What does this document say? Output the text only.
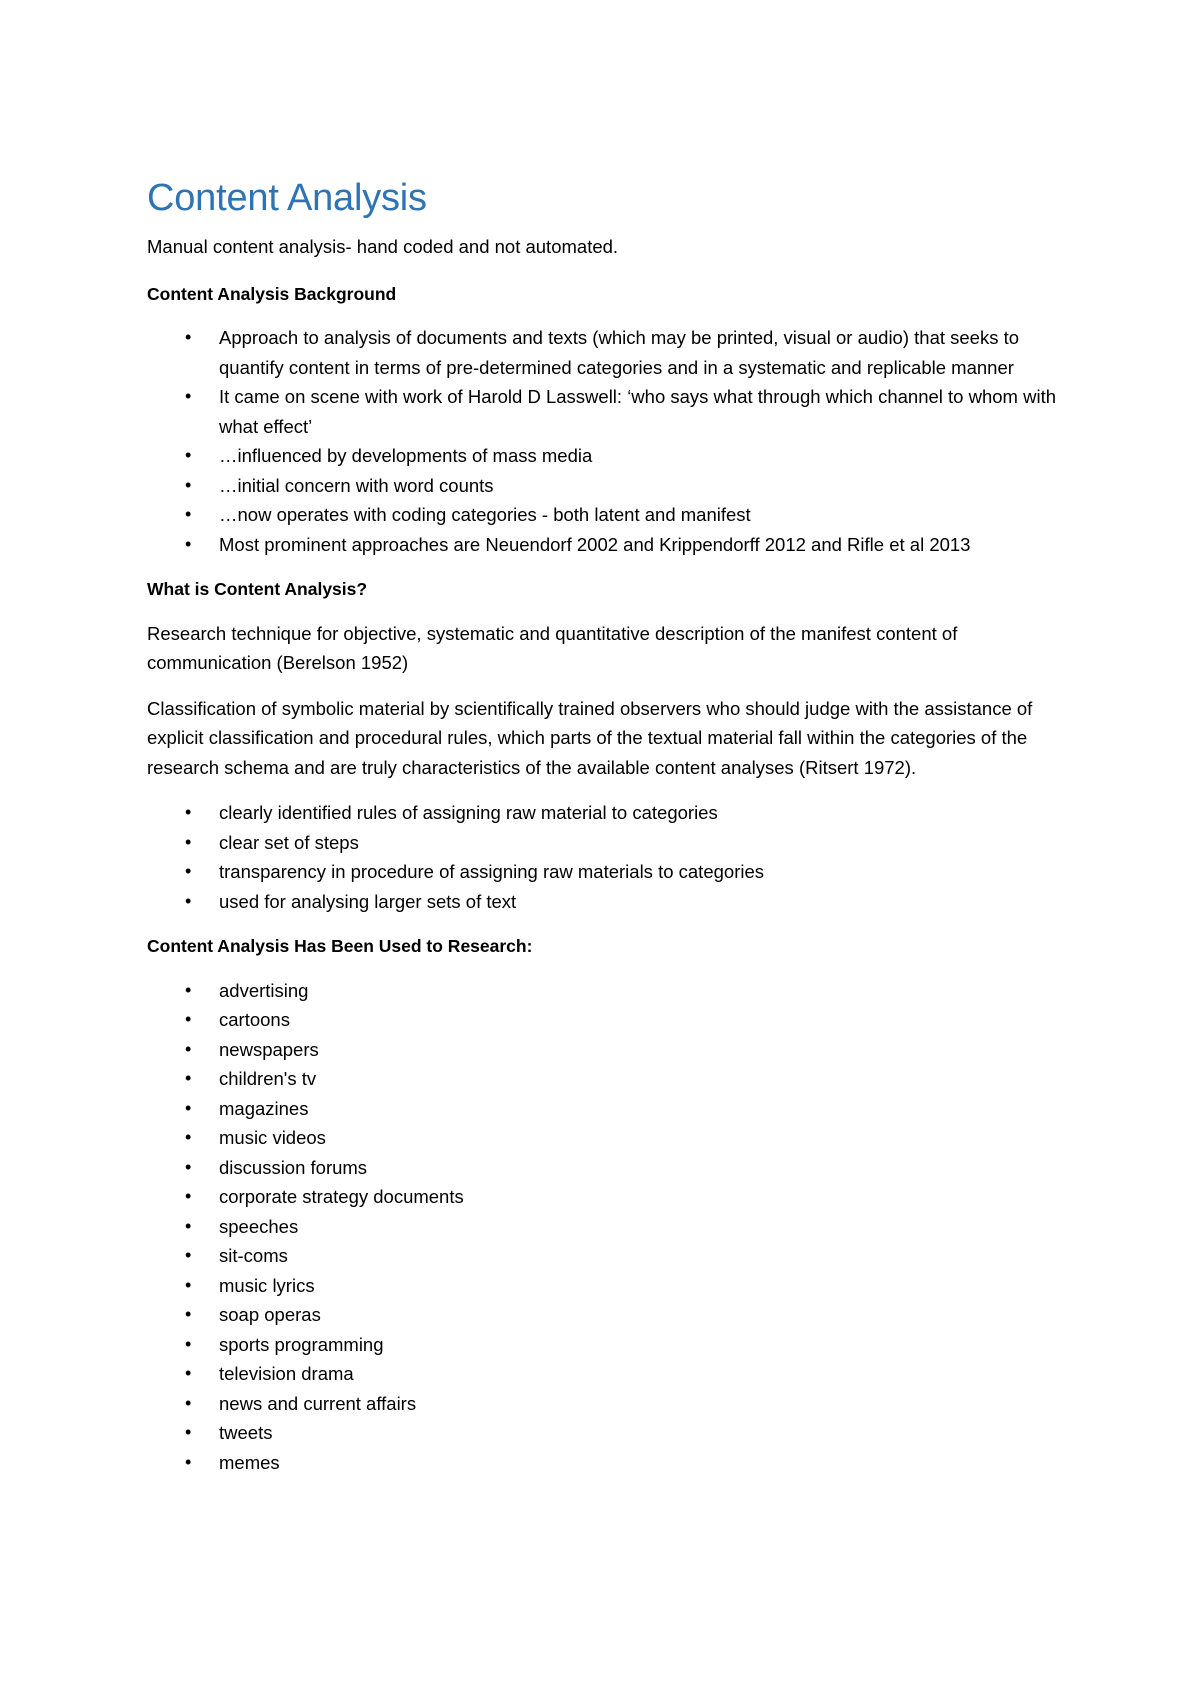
Content Analysis

Manual content analysis- hand coded and not automated.

Content Analysis Background

• Approach to analysis of documents and texts (which may be printed, visual or audio) that seeks to quantify content in terms of pre-determined categories and in a systematic and replicable manner
• It came on scene with work of Harold D Lasswell: ‘who says what through which channel to whom with what effect’
• …influenced by developments of mass media
• …initial concern with word counts
• …now operates with coding categories - both latent and manifest
• Most prominent approaches are Neuendorf 2002 and Krippendorff 2012 and Rifle et al 2013

What is Content Analysis?

Research technique for objective, systematic and quantitative description of the manifest content of communication (Berelson 1952)

Classification of symbolic material by scientifically trained observers who should judge with the assistance of explicit classification and procedural rules, which parts of the textual material fall within the categories of the research schema and are truly characteristics of the available content analyses (Ritsert 1972).

• clearly identified rules of assigning raw material to categories
• clear set of steps
• transparency in procedure of assigning raw materials to categories
• used for analysing larger sets of text

Content Analysis Has Been Used to Research:

• advertising
• cartoons
• newspapers
• children's tv
• magazines
• music videos
• discussion forums
• corporate strategy documents
• speeches
• sit-coms
• music lyrics
• soap operas
• sports programming
• television drama
• news and current affairs
• tweets
• memes
